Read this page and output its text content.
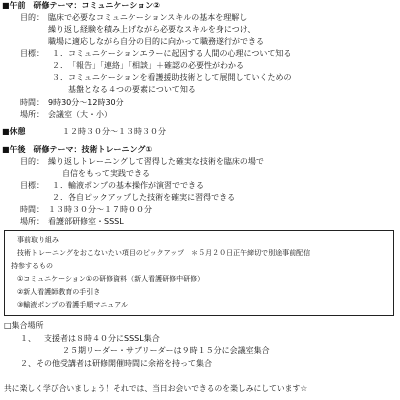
■午前　研修テーマ：コミュニケーション②
目的： 臨床で必要なコミュニケーションスキルの基本を理解し
繰り返し経験を積み上げながら必要なスキルを身につけ、
職場に適応しながら自分の目的に向かって職務遂行ができる
目標： １． コミュニケーションエラーに起因する人間の心理について知る
２． 「報告」「連絡」「相談」＋確認の必要性がわかる
３． コミュニケーションを看護援助技術として展開していくための
基盤となる４つの要素について知る
時間： 9時30分～12時30分
場所： 会議室（大・小）
■休憩	１２時３０分～１３時３０分
■午後　研修テーマ：技術トレーニング①
目的： 繰り返しトレーニングして習得した確実な技術を臨床の場で
自信をもって実践できる
目標： １． 輸液ポンプの基本操作が演習でできる
２． 各自ピックアップした技術を確実に習得できる
時間： １３時３０分～１７時００分
場所： 看護部研修室・SSSL
事前取り組み
技術トレーニングをおこないたい項目のピックアップ　＊５月２０日正午締切で別途事前配信
持参するもの
①コミュニケーション①の研修資料（新人看護研修中研修）
②新人看護師教育の手引き
③輸液ポンプの看護手順マニュアル
□集合場所
１、 支援者は８時４０分にSSSL集合
２５期リーダー・サブリーダーは９時１５分に会議室集合
２、 その他受講者は研修開催時間に余裕を持って集合
共に楽しく学び合いましょう！それでは、当日お会いできるのを楽しみにしています☆
